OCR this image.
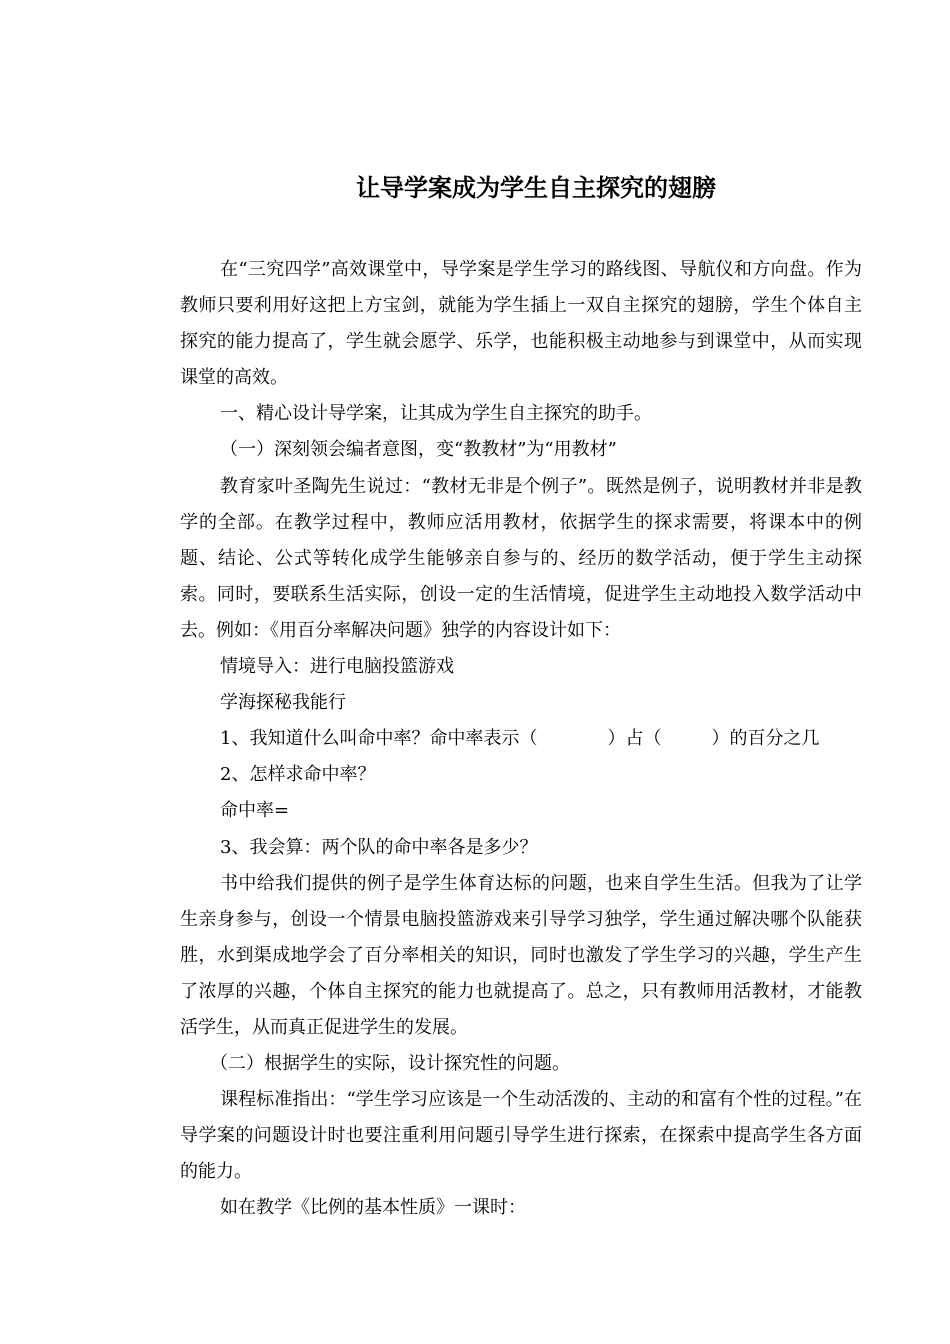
让导学案成为学生自主探究的翅膀

在“三究四学”高效课堂中，导学案是学生学习的路线图、导航仪和方向盘。作为教师只要利用好这把上方宝剑，就能为学生插上一双自主探究的翅膀，学生个体自主探究的能力提高了，学生就会愿学、乐学，也能积极主动地参与到课堂中，从而实现课堂的高效。

一、精心设计导学案，让其成为学生自主探究的助手。

（一）深刻领会编者意图，变“教教材”为“用教材”

教育家叶圣陶先生说过：“教材无非是个例子”。既然是例子，说明教材并非是教学的全部。在教学过程中，教师应活用教材，依据学生的探求需要，将课本中的例题、结论、公式等转化成学生能够亲自参与的、经历的数学活动，便于学生主动探索。同时，要联系生活实际，创设一定的生活情境，促进学生主动地投入数学活动中去。例如：《用百分率解决问题》独学的内容设计如下：

情境导入：进行电脑投篮游戏

学海探秘我能行

1、我知道什么叫命中率？命中率表示（	）占（	）的百分之几

2、怎样求命中率？

命中率=

3、我会算：两个队的命中率各是多少？

书中给我们提供的例子是学生体育达标的问题，也来自学生生活。但我为了让学生亲身参与，创设一个情景电脑投篮游戏来引导学习独学，学生通过解决哪个队能获胜，水到渠成地学会了百分率相关的知识，同时也激发了学生学习的兴趣，学生产生了浓厚的兴趣，个体自主探究的能力也就提高了。总之，只有教师用活教材，才能教活学生，从而真正促进学生的发展。

（二）根据学生的实际，设计探究性的问题。

课程标准指出：“学生学习应该是一个生动活泼的、主动的和富有个性的过程。”在导学案的问题设计时也要注重利用问题引导学生进行探索，在探索中提高学生各方面的能力。

如在教学《比例的基本性质》一课时：
